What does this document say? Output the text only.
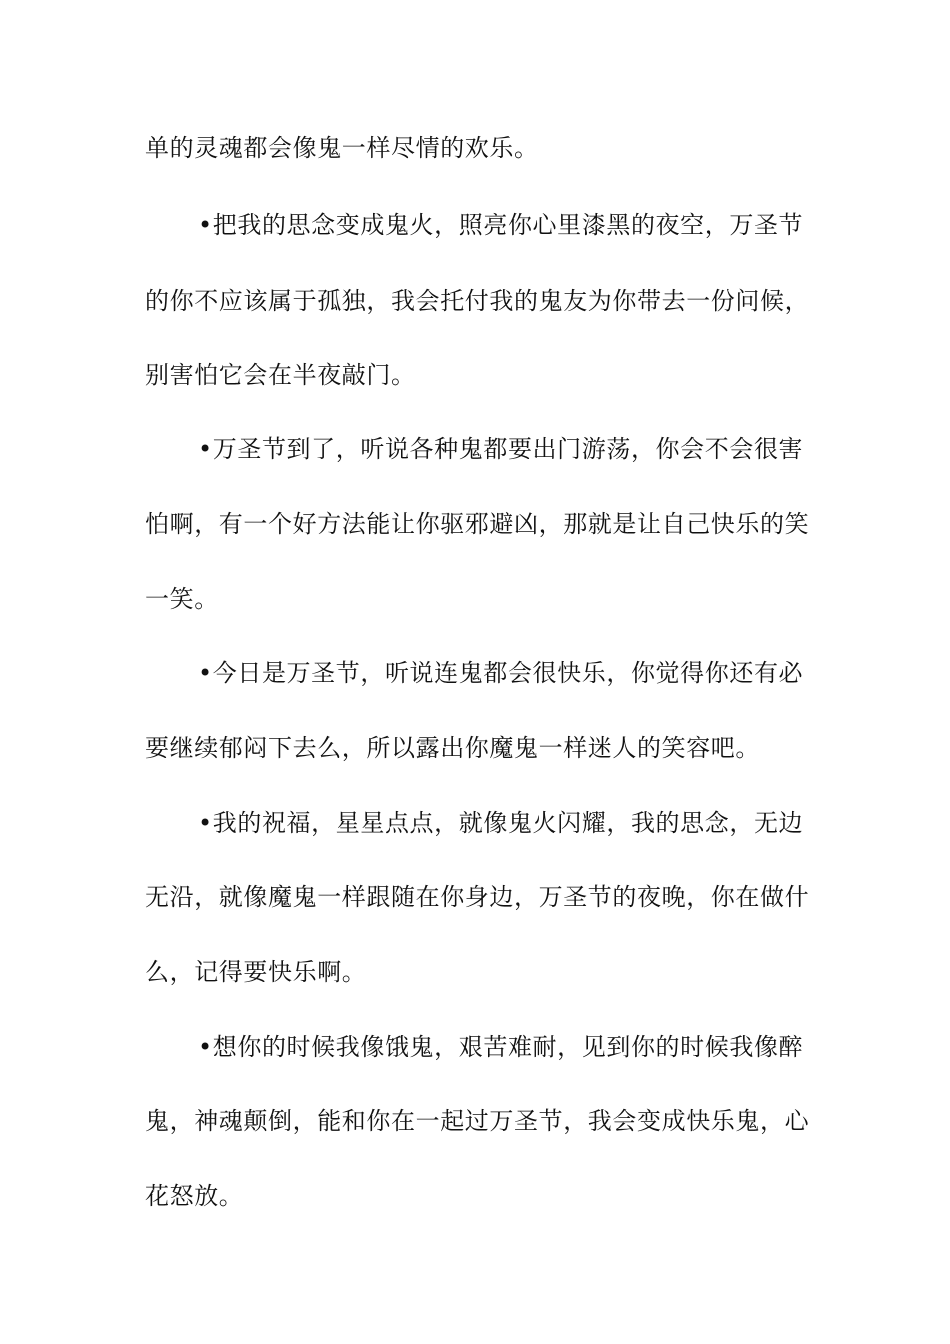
单的灵魂都会像鬼一样尽情的欢乐。
•把我的思念变成鬼火，照亮你心里漆黑的夜空，万圣节
的你不应该属于孤独，我会托付我的鬼友为你带去一份问候，
别害怕它会在半夜敲门。
•万圣节到了，听说各种鬼都要出门游荡，你会不会很害
怕啊，有一个好方法能让你驱邪避凶，那就是让自己快乐的笑
一笑。
•今日是万圣节，听说连鬼都会很快乐，你觉得你还有必
要继续郁闷下去么，所以露出你魔鬼一样迷人的笑容吧。
•我的祝福，星星点点，就像鬼火闪耀，我的思念，无边
无沿，就像魔鬼一样跟随在你身边，万圣节的夜晚，你在做什
么，记得要快乐啊。
•想你的时候我像饿鬼，艰苦难耐，见到你的时候我像醉
鬼，神魂颠倒，能和你在一起过万圣节，我会变成快乐鬼，心
花怒放。
